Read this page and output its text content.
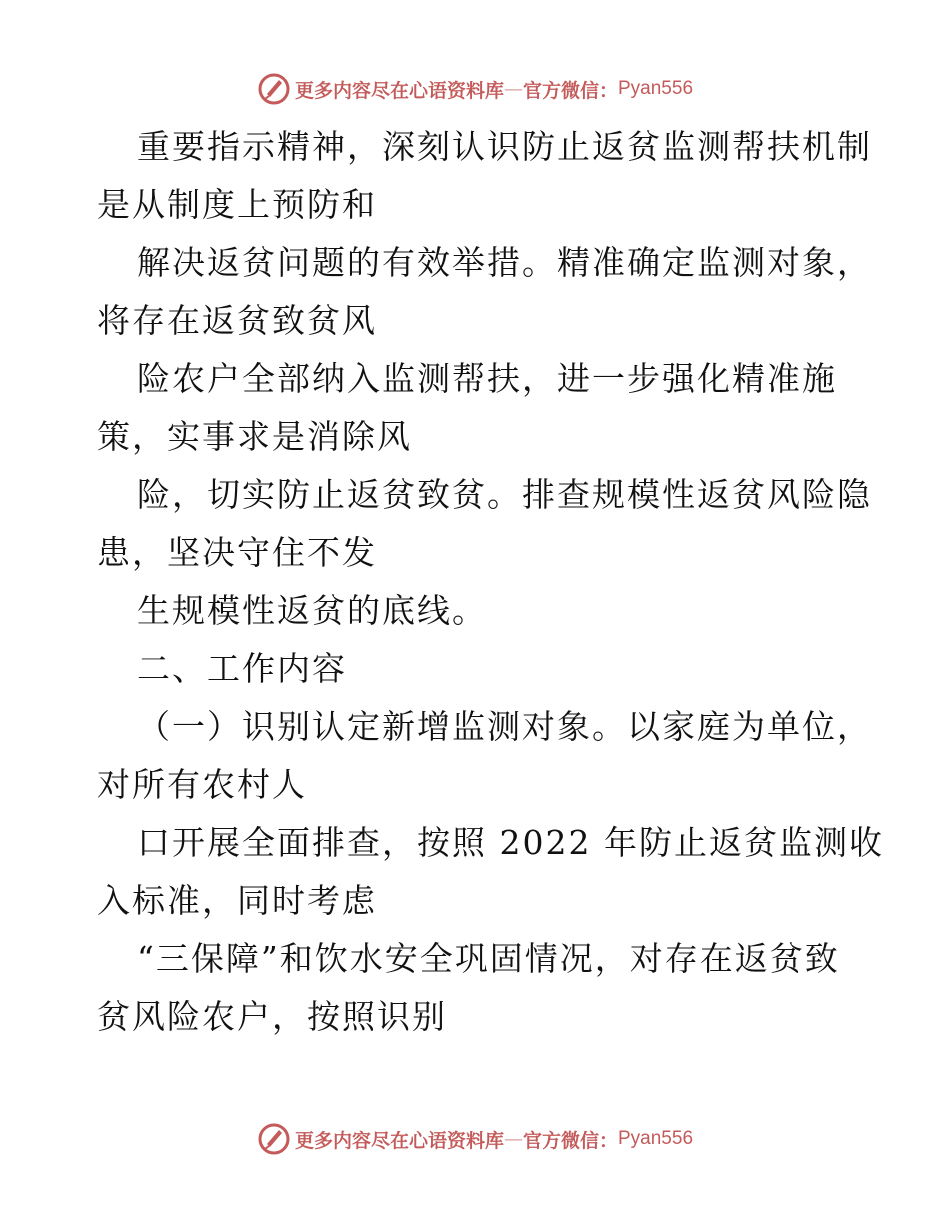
更多内容尽在心语资料库 — 官方微信： Pyan556
重要指示精神，深刻认识防止返贫监测帮扶机制
是从制度上预防和
解决返贫问题的有效举措。精准确定监测对象，
将存在返贫致贫风
险农户全部纳入监测帮扶，进一步强化精准施
策，实事求是消除风
险，切实防止返贫致贫。排查规模性返贫风险隐
患，坚决守住不发
生规模性返贫的底线。
二、工作内容
（一）识别认定新增监测对象。以家庭为单位，
对所有农村人
口开展全面排查，按照 2022 年防止返贫监测收
入标准，同时考虑
“三保障”和饮水安全巩固情况，对存在返贫致
贫风险农户，按照识别
更多内容尽在心语资料库 — 官方微信： Pyan556
